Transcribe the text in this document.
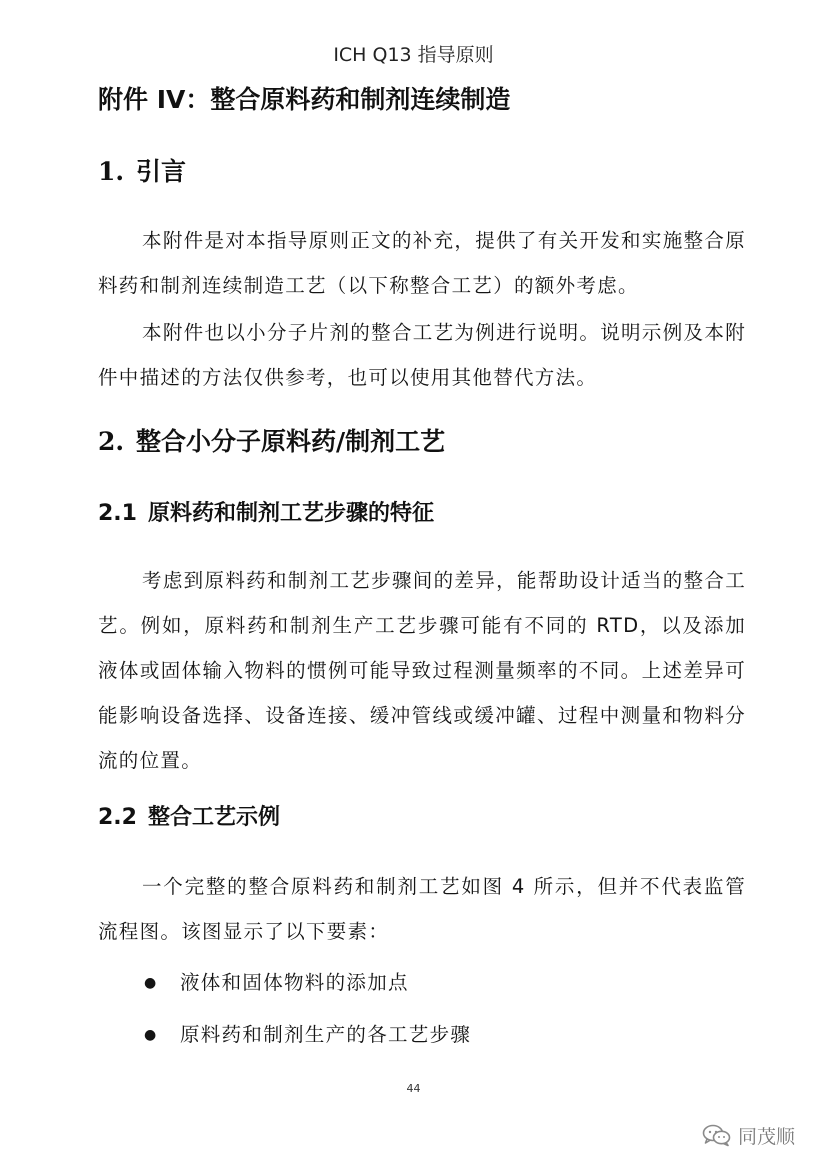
ICH Q13 指导原则
附件 IV：整合原料药和制剂连续制造
1. 引言

本附件是对本指导原则正文的补充，提供了有关开发和实施整合原料药和制剂连续制造工艺（以下称整合工艺）的额外考虑。

本附件也以小分子片剂的整合工艺为例进行说明。说明示例及本附件中描述的方法仅供参考，也可以使用其他替代方法。

2. 整合小分子原料药/制剂工艺
2.1 原料药和制剂工艺步骤的特征

考虑到原料药和制剂工艺步骤间的差异，能帮助设计适当的整合工艺。例如，原料药和制剂生产工艺步骤可能有不同的 RTD，以及添加液体或固体输入物料的惯例可能导致过程测量频率的不同。上述差异可能影响设备选择、设备连接、缓冲管线或缓冲罐、过程中测量和物料分流的位置。

2.2 整合工艺示例

一个完整的整合原料药和制剂工艺如图 4 所示，但并不代表监管流程图。该图显示了以下要素：

● 液体和固体物料的添加点
● 原料药和制剂生产的各工艺步骤
44
同茂顺
